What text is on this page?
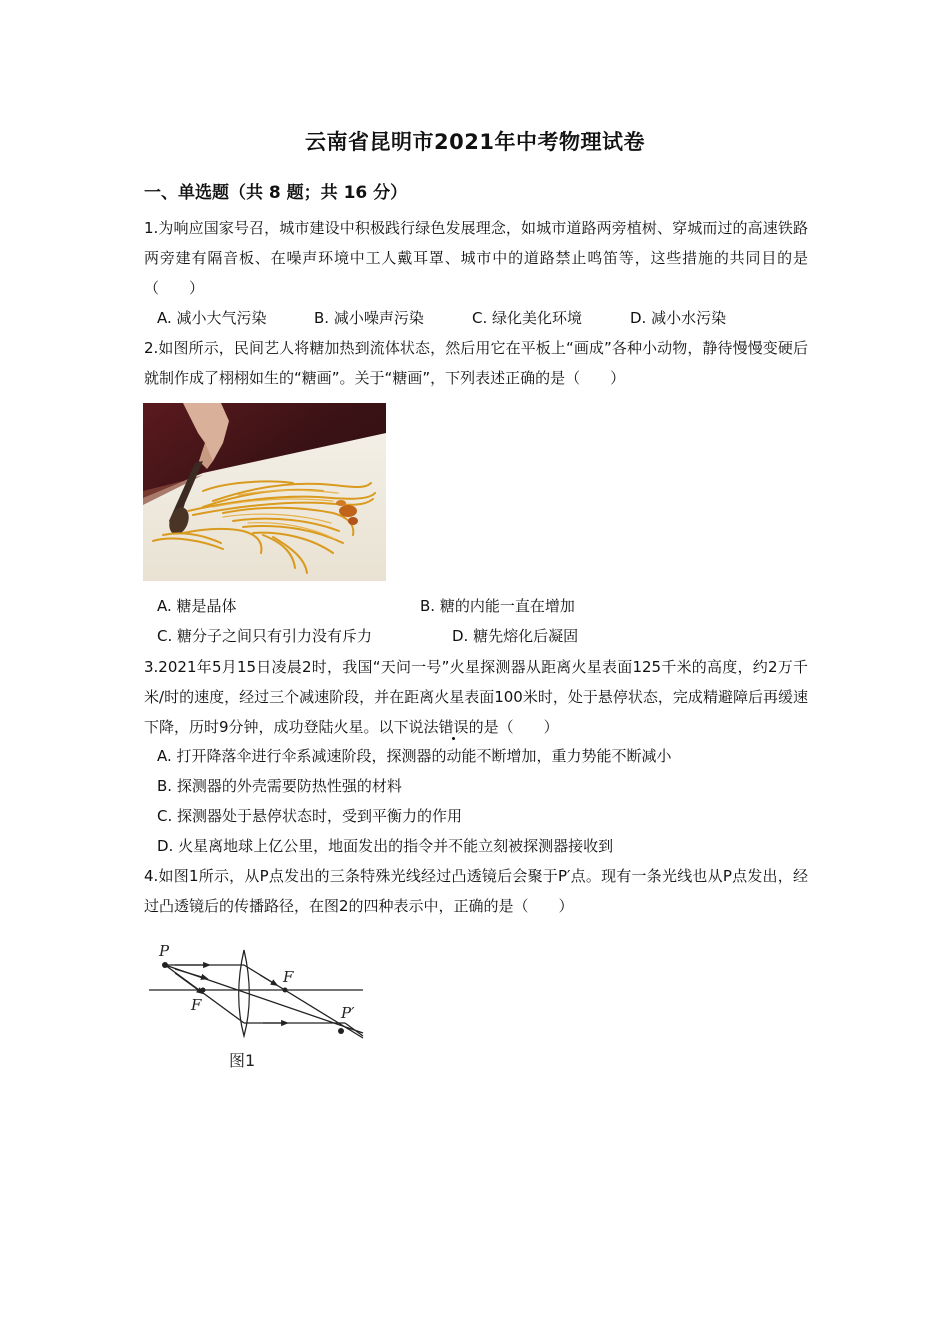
云南省昆明市2021年中考物理试卷
一、单选题（共 8 题；共 16 分）
1.为响应国家号召，城市建设中积极践行绿色发展理念，如城市道路两旁植树、穿城而过的高速铁路两旁建有隔音板、在噪声环境中工人戴耳罩、城市中的道路禁止鸣笛等，这些措施的共同目的是（　　）
A. 减小大气污染	B. 减小噪声污染	C. 绿化美化环境	D. 减小水污染
2.如图所示，民间艺人将糖加热到流体状态，然后用它在平板上“画成”各种小动物，静待慢慢变硬后就制作成了栩栩如生的“糖画”。关于“糖画”，下列表述正确的是（　　）
A. 糖是晶体	B. 糖的内能一直在增加
C. 糖分子之间只有引力没有斥力	D. 糖先熔化后凝固
3.2021年5月15日凌晨2时，我国“天问一号”火星探测器从距离火星表面125千米的高度，约2万千米/时的速度，经过三个减速阶段，并在距离火星表面100米时，处于悬停状态，完成精避障后再缓速下降，历时9分钟，成功登陆火星。以下说法错误的是（　　）
A. 打开降落伞进行伞系减速阶段，探测器的动能不断增加，重力势能不断减小
B. 探测器的外壳需要防热性强的材料
C. 探测器处于悬停状态时，受到平衡力的作用
D. 火星离地球上亿公里，地面发出的指令并不能立刻被探测器接收到
4.如图1所示，从P点发出的三条特殊光线经过凸透镜后会聚于P′点。现有一条光线也从P点发出，经过凸透镜后的传播路径，在图2的四种表示中，正确的是（　　）
P
F
F
P′
图1
